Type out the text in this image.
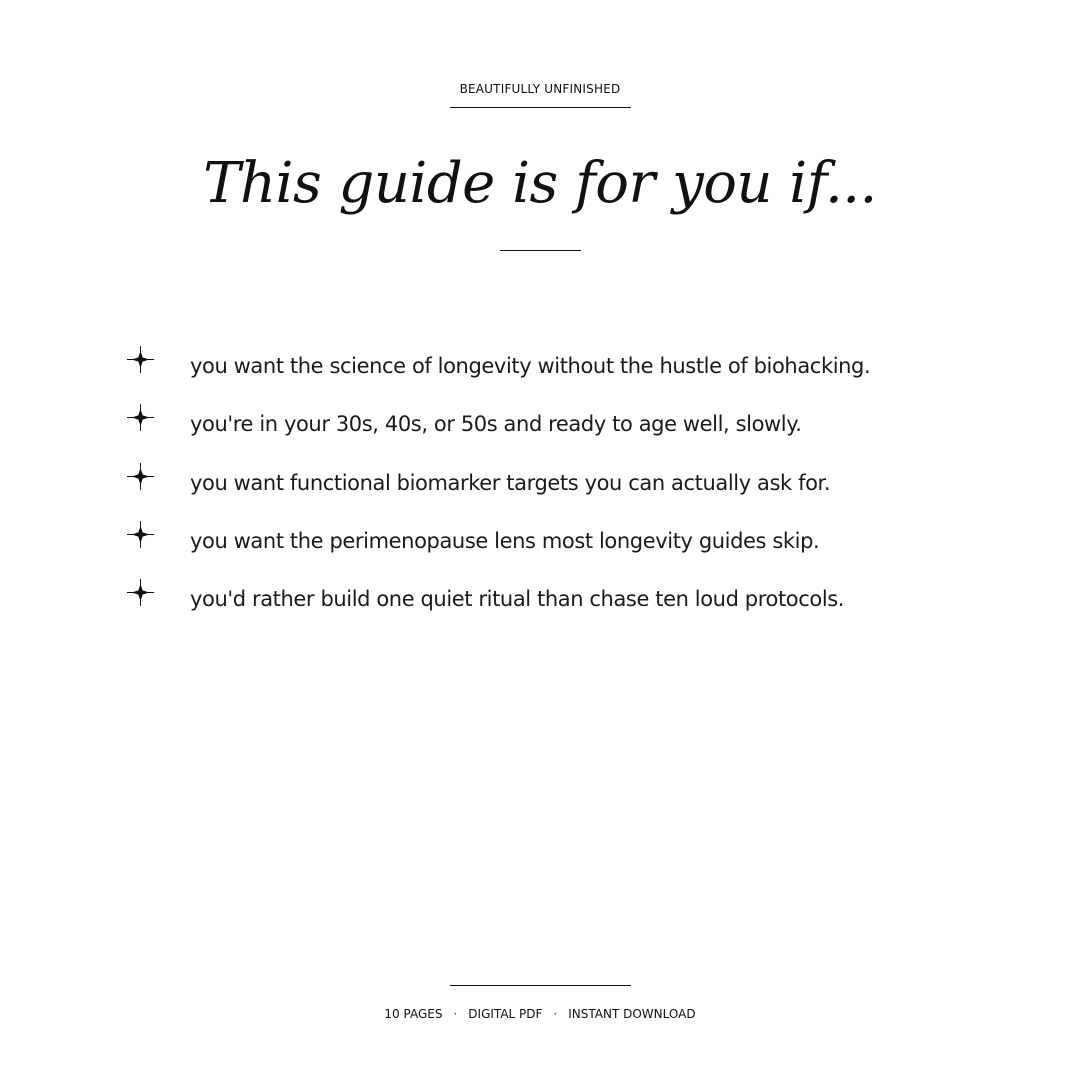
BEAUTIFULLY UNFINISHED
This guide is for you if...
you want the science of longevity without the hustle of biohacking.
you're in your 30s, 40s, or 50s and ready to age well, slowly.
you want functional biomarker targets you can actually ask for.
you want the perimenopause lens most longevity guides skip.
you'd rather build one quiet ritual than chase ten loud protocols.
10 PAGES · DIGITAL PDF · INSTANT DOWNLOAD
